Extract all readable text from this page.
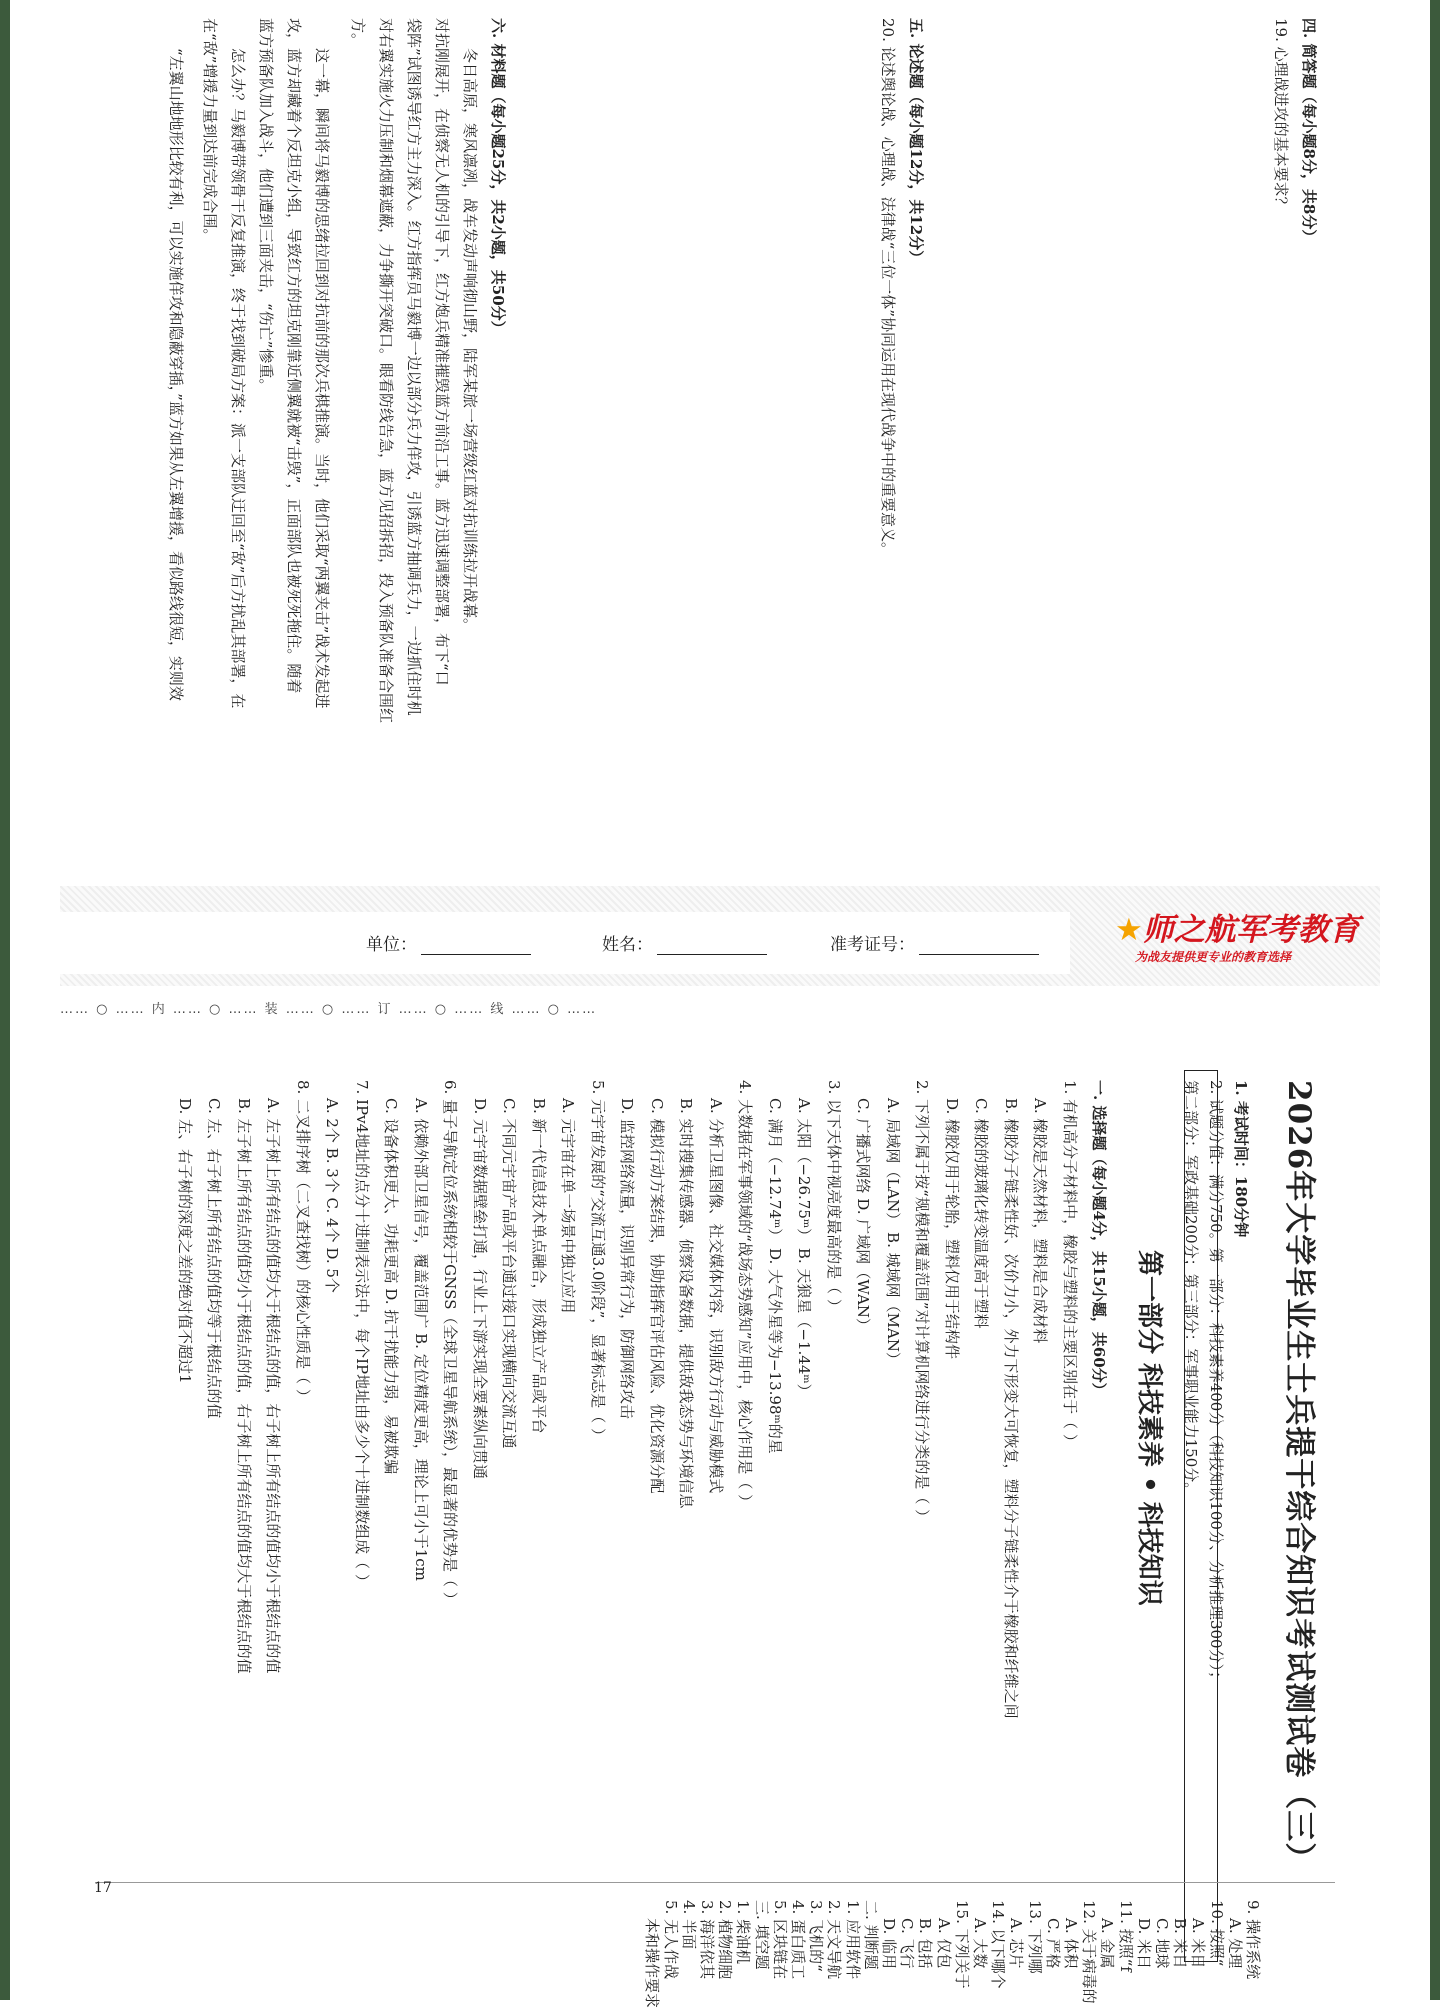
四. 简答题（每小题8分，共8分）
19. 心理战进攻的基本要求？
五. 论述题（每小题12分，共12分）
20. 论述舆论战、心理战、法律战“三位一体”协同运用在现代战争中的重要意义。
六. 材料题（每小题25分，共2小题，共50分）
冬日高原，寒风凛冽，战车发动声响彻山野，陆军某旅一场营级红蓝对抗训练拉开战幕。
对抗刚展开，在侦察无人机的引导下，红方炮兵精准摧毁蓝方前沿工事。蓝方迅速调整部署，布下“口
袋阵”试图诱导红方主力深入。红方指挥员马毅博一边以部分兵力佯攻，引诱蓝方抽调兵力，一边抓住时机
对右翼实施火力压制和烟幕遮蔽，力争撕开突破口。眼看防线告急，蓝方见招拆招，投入预备队准备合围红
方。
这一幕，瞬间将马毅博的思绪拉回到对抗前的那次兵棋推演。当时，他们采取“两翼夹击”战术发起进
攻，蓝方却藏着个反坦克小组，导致红方的坦克刚靠近侧翼就被“击毁”，正面部队也被死死拖住。随着
蓝方预备队加入战斗，他们遭到三面夹击，“伤亡”惨重。
怎么办？马毅博带领骨干反复推演，终于找到破局方案：派一支部队迂回至“敌”后方扰乱其部署，在
在“敌”增援力量到达前完成合围。
“左翼山地地形比较有利，可以实施佯攻和隐蔽穿插，”蓝方如果从左翼增援，看似路线很短，实则效
单位：	姓名：	准考证号：	★师之航军考教育
为战友提供更专业的教育选择
…… ○ …… 内 …… ○ …… 装 …… ○ …… 订 …… ○ …… 线 …… ○ ……
2026年大学毕业生士兵提干综合知识考试测试卷（三）
1. 考试时间：180分钟
2. 试题分值：满分750。第一部分：科技素养400分（科技知识100分、分析推理300分）；
第二部分：军政基础200分；第三部分：军事职业能力150分。
第一部分 科技素养 • 科技知识
一. 选择题（每小题4分，共15小题，共60分）
1. 有机高分子材料中，橡胶与塑料的主要区别在于（ ）
A. 橡胶是天然材料，塑料是合成材料
B. 橡胶分子链柔性好、次价力小，外力下形变大可恢复，塑料分子链柔性介于橡胶和纤维之间
C. 橡胶的玻璃化转变温度高于塑料
D. 橡胶仅用于轮胎，塑料仅用于结构件
2. 下列不属于按“规模和覆盖范围”对计算机网络进行分类的是（ ）
A. 局域网（LAN） B. 城域网（MAN）
C. 广播式网络 D. 广域网（WAN）
3. 以下天体中视亮度最高的是（ ）
A. 太阳（−26.75ᵐ） B. 天狼星（−1.44ᵐ）
C. 满月（−12.74ᵐ） D. 大气外星等为−13.98ᵐ的星
4. 大数据在军事领域的“战场态势感知”应用中，核心作用是（ ）
A. 分析卫星图像、社交媒体内容，识别敌方行动与威胁模式
B. 实时搜集传感器、侦察设备数据，提供敌我态势与环境信息
C. 模拟行动方案结果，协助指挥官评估风险、优化资源分配
D. 监控网络流量，识别异常行为，防御网络攻击
5. 元宇宙发展的“交流互通3.0阶段”，显著标志是（ ）
A. 元宇宙在单一场景中独立应用
B. 新一代信息技术单点融合，形成独立产品或平台
C. 不同元宇宙产品或平台通过接口实现横向交流互通
D. 元宇宙数据壁垒打通，行业上下游实现全要素纵向贯通
6. 量子导航定位系统相较于GNSS（全球卫星导航系统），最显著的优势是（ ）
A. 依赖外部卫星信号，覆盖范围广 B. 定位精度更高，理论上可小于1cm
C. 设备体积更大、功耗更高 D. 抗干扰能力弱，易被欺骗
7. IPv4地址的点分十进制表示法中，每个IP地址由多少个十进制数组成（ ）
A. 2个 B. 3个 C. 4个 D. 5个
8. 二叉排序树（二叉查找树）的核心性质是（ ）
A. 左子树上所有结点的值均大于根结点的值，右子树上所有结点的值均小于根结点的值
B. 左子树上所有结点的值均小于根结点的值，右子树上所有结点的值均大于根结点的值
C. 左、右子树上所有结点的值均等于根结点的值
D. 左、右子树的深度之差的绝对值不超过1
9. 操作系统
A. 处理
10. 按照“
A. 米日
B. 米日
C. 地球
D. 米日
11. 按照“f
A. 金属
12. 关于病毒的
A. 体积
C. 严格
13. 下列哪
A. 芯片
14. 以下哪个
A. 大数
15. 下列关于
A. 仅包
B. 包括
C. 飞行
D. 临用
二. 判断题
1. 应用软件
2. 天文导航
3. 飞机的“
4. 蛋白质工
5. 区块链在
三. 填空题
1. 柴油机
2. 植物细胞
3. 海洋依其
4. 半面
5. 无人作战
本和操作要求
17
